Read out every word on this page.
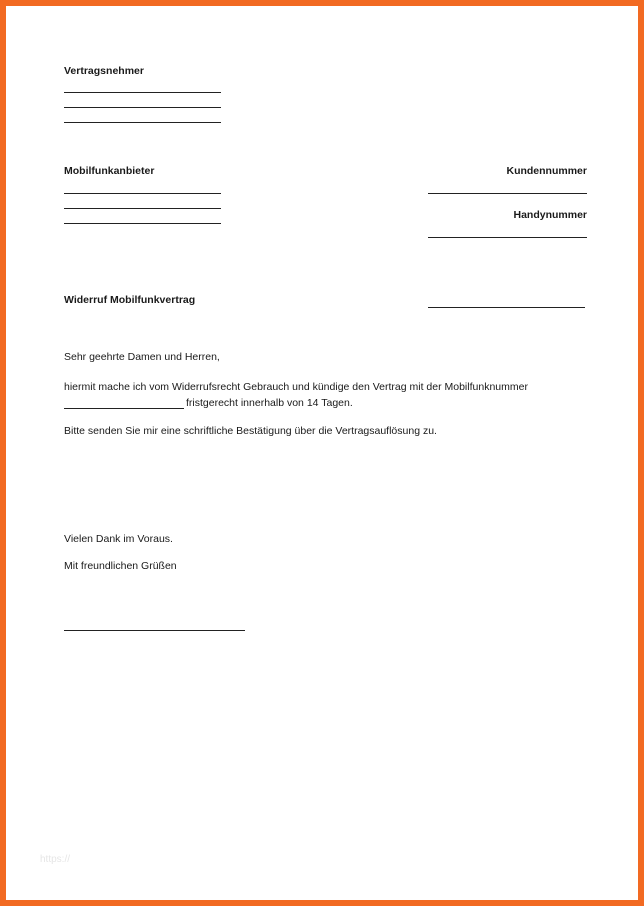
Vertragsnehmer
Mobilfunkanbieter	Kundennummer
Handynummer
Widerruf Mobilfunkvertrag
Sehr geehrte Damen und Herren,
hiermit mache ich vom Widerrufsrecht Gebrauch und kündige den Vertrag mit der Mobilfunknummer
fristgerecht innerhalb von 14 Tagen.
Bitte senden Sie mir eine schriftliche Bestätigung über die Vertragsauflösung zu.
Vielen Dank im Voraus.
Mit freundlichen Grüßen
https://
